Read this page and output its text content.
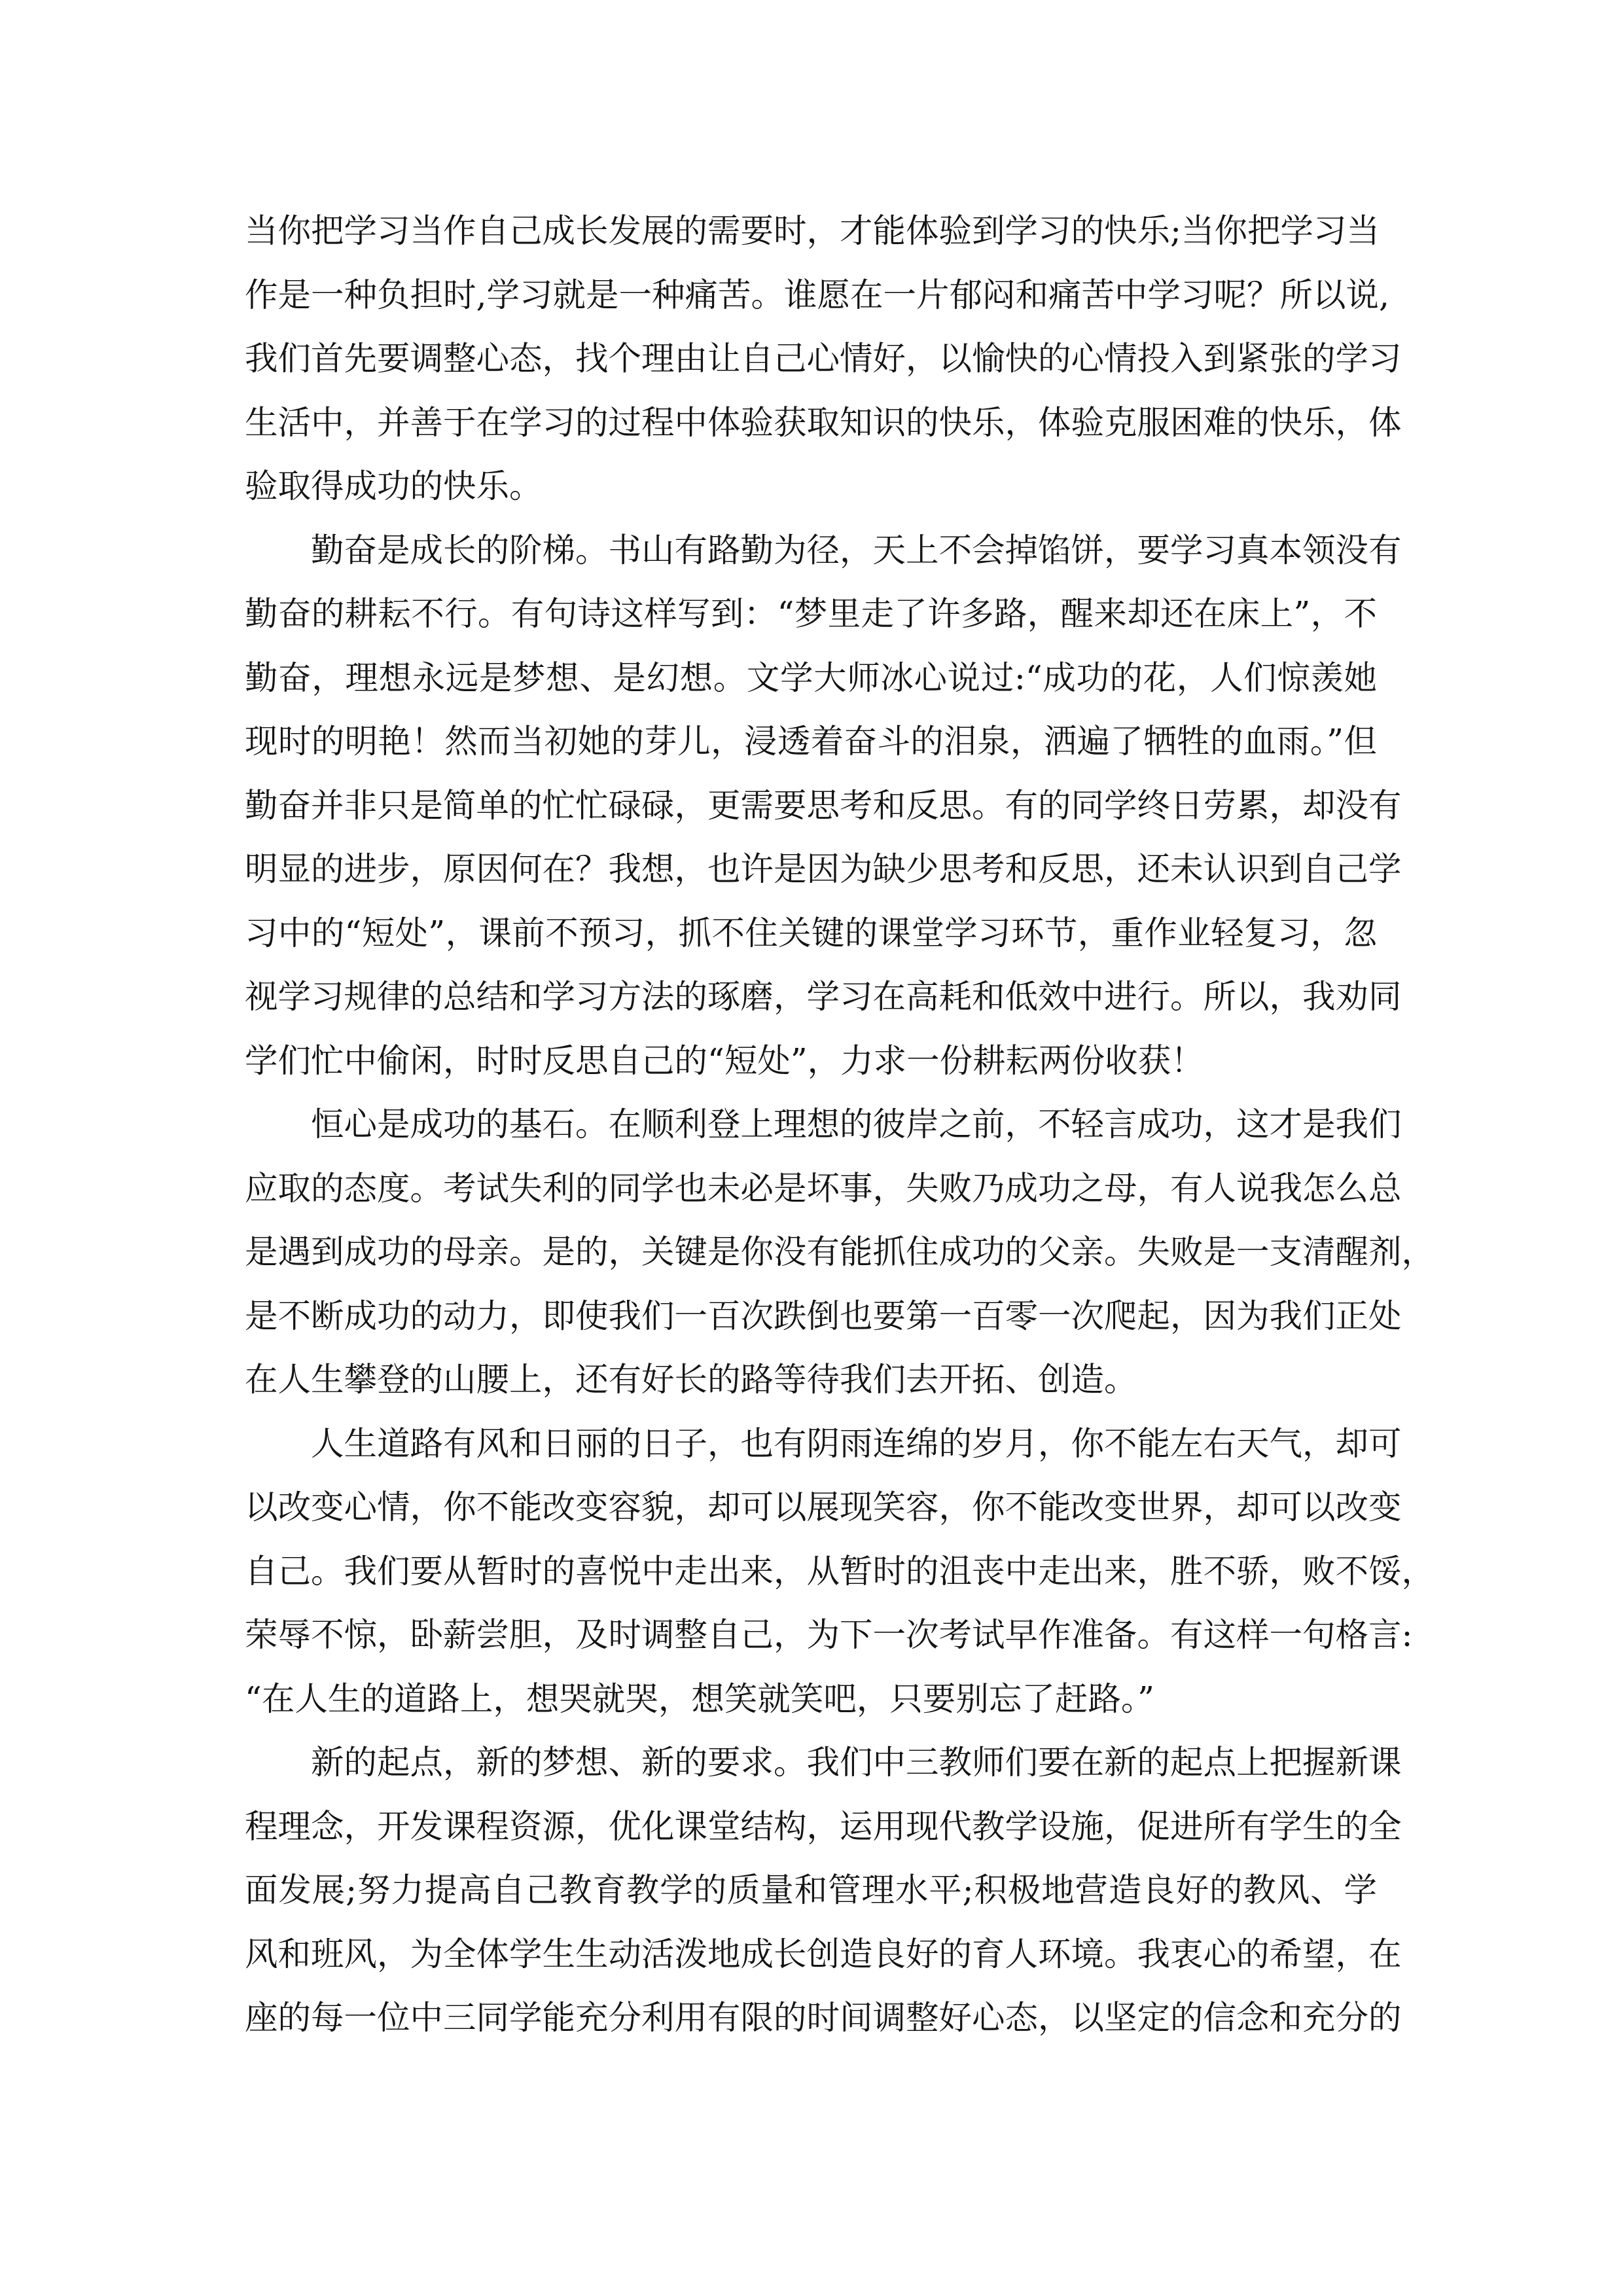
当你把学习当作自己成长发展的需要时，才能体验到学习的快乐;当你把学习当
作是一种负担时,学习就是一种痛苦。谁愿在一片郁闷和痛苦中学习呢？所以说,
我们首先要调整心态，找个理由让自己心情好，以愉快的心情投入到紧张的学习
生活中，并善于在学习的过程中体验获取知识的快乐，体验克服困难的快乐，体
验取得成功的快乐。
勤奋是成长的阶梯。书山有路勤为径，天上不会掉馅饼，要学习真本领没有
勤奋的耕耘不行。有句诗这样写到：“梦里走了许多路，醒来却还在床上”，不
勤奋，理想永远是梦想、是幻想。文学大师冰心说过:“成功的花，人们惊羡她
现时的明艳！然而当初她的芽儿，浸透着奋斗的泪泉，洒遍了牺牲的血雨。”但
勤奋并非只是简单的忙忙碌碌，更需要思考和反思。有的同学终日劳累，却没有
明显的进步，原因何在？我想，也许是因为缺少思考和反思，还未认识到自己学
习中的“短处”，课前不预习，抓不住关键的课堂学习环节，重作业轻复习，忽
视学习规律的总结和学习方法的琢磨，学习在高耗和低效中进行。所以，我劝同
学们忙中偷闲，时时反思自己的“短处”，力求一份耕耘两份收获！
恒心是成功的基石。在顺利登上理想的彼岸之前，不轻言成功，这才是我们
应取的态度。考试失利的同学也未必是坏事，失败乃成功之母，有人说我怎么总
是遇到成功的母亲。是的，关键是你没有能抓住成功的父亲。失败是一支清醒剂，
是不断成功的动力，即使我们一百次跌倒也要第一百零一次爬起，因为我们正处
在人生攀登的山腰上，还有好长的路等待我们去开拓、创造。
人生道路有风和日丽的日子，也有阴雨连绵的岁月，你不能左右天气，却可
以改变心情，你不能改变容貌，却可以展现笑容，你不能改变世界，却可以改变
自己。我们要从暂时的喜悦中走出来，从暂时的沮丧中走出来，胜不骄，败不馁，
荣辱不惊，卧薪尝胆，及时调整自己，为下一次考试早作准备。有这样一句格言:
“在人生的道路上，想哭就哭，想笑就笑吧，只要别忘了赶路。”
新的起点，新的梦想、新的要求。我们中三教师们要在新的起点上把握新课
程理念，开发课程资源，优化课堂结构，运用现代教学设施，促进所有学生的全
面发展;努力提高自己教育教学的质量和管理水平;积极地营造良好的教风、学
风和班风，为全体学生生动活泼地成长创造良好的育人环境。我衷心的希望，在
座的每一位中三同学能充分利用有限的时间调整好心态，以坚定的信念和充分的
